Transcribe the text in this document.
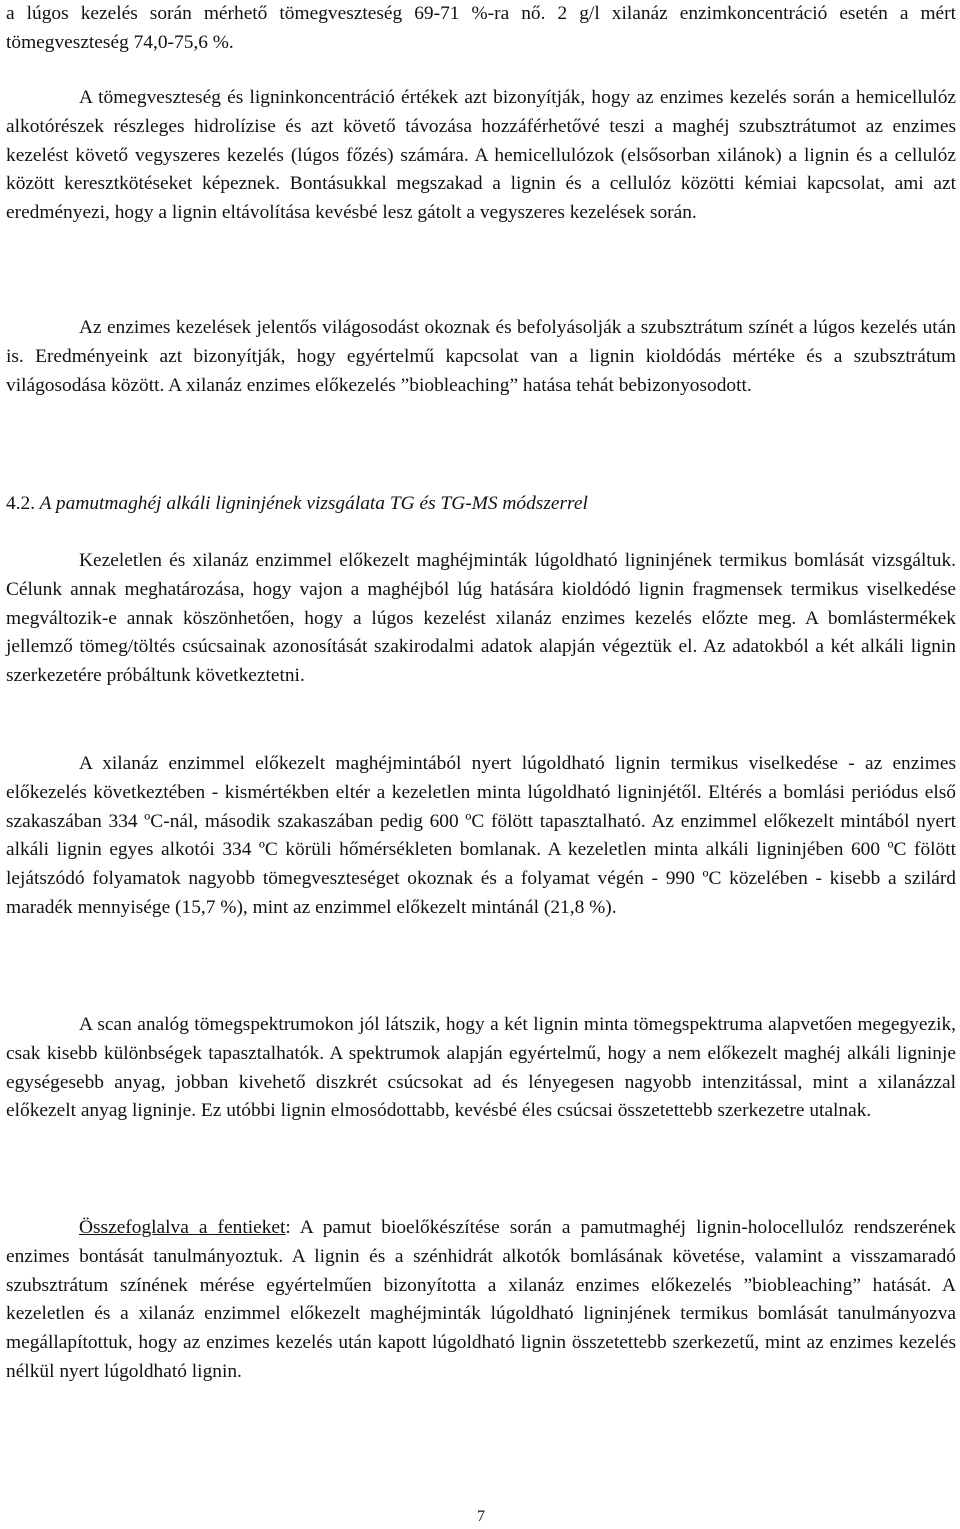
a lúgos kezelés során mérhető tömegveszteség 69-71 %-ra nő. 2 g/l xilanáz enzimkoncentráció esetén a mért tömegveszteség 74,0-75,6 %.

A tömegveszteség és ligninkoncentráció értékek azt bizonyítják, hogy az enzimes kezelés során a hemicellulóz alkotórészek részleges hidrolízise és azt követő távozása hozzáférhetővé teszi a maghéj szubsztrátumot az enzimes kezelést követő vegyszeres kezelés (lúgos főzés) számára. A hemicellulózok (elsősorban xilánok) a lignin és a cellulóz között keresztkötéseket képeznek. Bontásukkal megszakad a lignin és a cellulóz közötti kémiai kapcsolat, ami azt eredményezi, hogy a lignin eltávolítása kevésbé lesz gátolt a vegyszeres kezelések során.

Az enzimes kezelések jelentős világosodást okoznak és befolyásolják a szubsztrátum színét a lúgos kezelés után is. Eredményeink azt bizonyítják, hogy egyértelmű kapcsolat van a lignin kioldódás mértéke és a szubsztrátum világosodása között. A xilanáz enzimes előkezelés ”biobleaching” hatása tehát bebizonyosodott.

4.2. A pamutmaghéj alkáli ligninjének vizsgálata TG és TG-MS módszerrel

Kezeletlen és xilanáz enzimmel előkezelt maghéjminták lúgoldható ligninjének termikus bomlását vizsgáltuk. Célunk annak meghatározása, hogy vajon a maghéjból lúg hatására kioldódó lignin fragmensek termikus viselkedése megváltozik-e annak köszönhetően, hogy a lúgos kezelést xilanáz enzimes kezelés előzte meg. A bomlástermékek jellemző tömeg/töltés csúcsainak azonosítását szakirodalmi adatok alapján végeztük el. Az adatokból a két alkáli lignin szerkezetére próbáltunk következtetni.

A xilanáz enzimmel előkezelt maghéjmintából nyert lúgoldható lignin termikus viselkedése - az enzimes előkezelés következtében - kismértékben eltér a kezeletlen minta lúgoldható ligninjétől. Eltérés a bomlási periódus első szakaszában 334 ºC-nál, második szakaszában pedig 600 ºC fölött tapasztalható. Az enzimmel előkezelt mintából nyert alkáli lignin egyes alkotói 334 ºC körüli hőmérsékleten bomlanak. A kezeletlen minta alkáli ligninjében 600 ºC fölött lejátszódó folyamatok nagyobb tömegveszteséget okoznak és a folyamat végén - 990 ºC közelében - kisebb a szilárd maradék mennyisége (15,7 %), mint az enzimmel előkezelt mintánál (21,8 %).

A scan analóg tömegspektrumokon jól látszik, hogy a két lignin minta tömegspektruma alapvetően megegyezik, csak kisebb különbségek tapasztalhatók. A spektrumok alapján egyértelmű, hogy a nem előkezelt maghéj alkáli ligninje egységesebb anyag, jobban kivehető diszkrét csúcsokat ad és lényegesen nagyobb intenzitással, mint a xilanázzal előkezelt anyag ligninje. Ez utóbbi lignin elmosódottabb, kevésbé éles csúcsai összetettebb szerkezetre utalnak.

Összefoglalva a fentieket: A pamut bioelőkészítése során a pamutmaghéj lignin-holocellulóz rendszerének enzimes bontását tanulmányoztuk. A lignin és a szénhidrát alkotók bomlásának követése, valamint a visszamaradó szubsztrátum színének mérése egyértelműen bizonyította a xilanáz enzimes előkezelés ”biobleaching” hatását. A kezeletlen és a xilanáz enzimmel előkezelt maghéjminták lúgoldható ligninjének termikus bomlását tanulmányozva megállapítottuk, hogy az enzimes kezelés után kapott lúgoldható lignin összetettebb szerkezetű, mint az enzimes kezelés nélkül nyert lúgoldható lignin.

7
